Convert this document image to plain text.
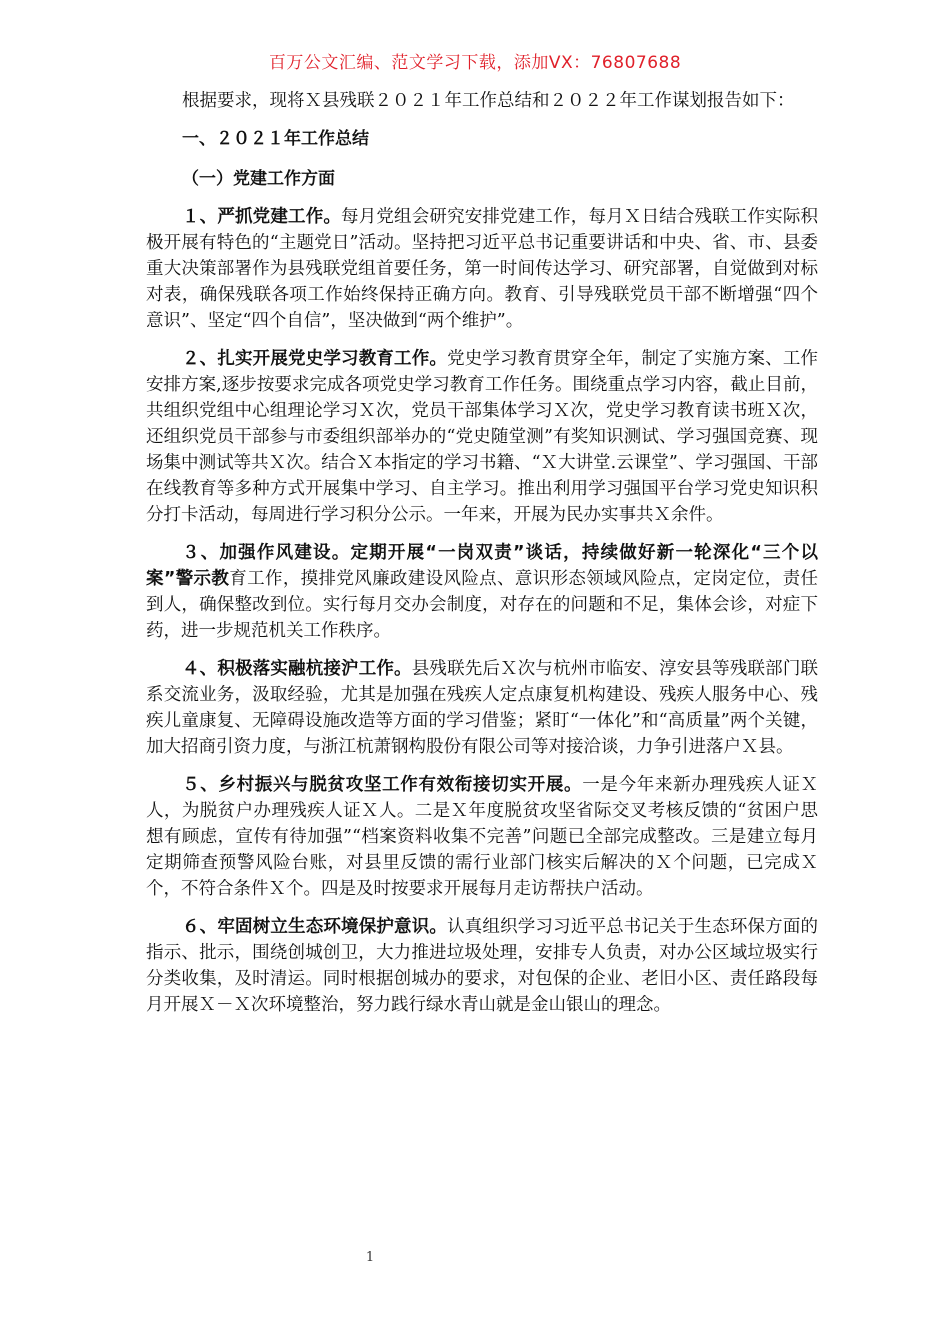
百万公文汇编、范文学习下载，添加VX：76807688

根据要求，现将Ｘ县残联２０２１年工作总结和２０２２年工作谋划报告如下：

一、２０２１年工作总结
（一）党建工作方面

１、严抓党建工作。每月党组会研究安排党建工作，每月Ｘ日结合残联工作实际积极开展有特色的“主题党日”活动。坚持把习近平总书记重要讲话和中央、省、市、县委重大决策部署作为县残联党组首要任务，第一时间传达学习、研究部署，自觉做到对标对表，确保残联各项工作始终保持正确方向。教育、引导残联党员干部不断增强“四个意识”、坚定“四个自信”，坚决做到“两个维护”。

２、扎实开展党史学习教育工作。党史学习教育贯穿全年，制定了实施方案、工作安排方案,逐步按要求完成各项党史学习教育工作任务。围绕重点学习内容，截止目前，共组织党组中心组理论学习Ｘ次，党员干部集体学习Ｘ次，党史学习教育读书班Ｘ次，还组织党员干部参与市委组织部举办的“党史随堂测”有奖知识测试、学习强国竞赛、现场集中测试等共Ｘ次。结合Ｘ本指定的学习书籍、“Ｘ大讲堂.云课堂”、学习强国、干部在线教育等多种方式开展集中学习、自主学习。推出利用学习强国平台学习党史知识积分打卡活动，每周进行学习积分公示。一年来，开展为民办实事共Ｘ余件。

３、加强作风建设。定期开展“一岗双责”谈话，持续做好新一轮深化“三个以案”警示教育工作，摸排党风廉政建设风险点、意识形态领域风险点，定岗定位，责任到人，确保整改到位。实行每月交办会制度，对存在的问题和不足，集体会诊，对症下药，进一步规范机关工作秩序。

４、积极落实融杭接沪工作。县残联先后Ｘ次与杭州市临安、淳安县等残联部门联系交流业务，汲取经验，尤其是加强在残疾人定点康复机构建设、残疾人服务中心、残疾儿童康复、无障碍设施改造等方面的学习借鉴；紧盯“一体化”和“高质量”两个关键，加大招商引资力度，与浙江杭萧钢构股份有限公司等对接洽谈，力争引进落户Ｘ县。

５、乡村振兴与脱贫攻坚工作有效衔接切实开展。一是今年来新办理残疾人证Ｘ人，为脱贫户办理残疾人证Ｘ人。二是Ｘ年度脱贫攻坚省际交叉考核反馈的“贫困户思想有顾虑，宣传有待加强”“档案资料收集不完善”问题已全部完成整改。三是建立每月定期筛查预警风险台账，对县里反馈的需行业部门核实后解决的Ｘ个问题，已完成Ｘ个，不符合条件Ｘ个。四是及时按要求开展每月走访帮扶户活动。

６、牢固树立生态环境保护意识。认真组织学习习近平总书记关于生态环保方面的指示、批示，围绕创城创卫，大力推进垃圾处理，安排专人负责，对办公区域垃圾实行分类收集，及时清运。同时根据创城办的要求，对包保的企业、老旧小区、责任路段每月开展Ｘ－Ｘ次环境整治，努力践行绿水青山就是金山银山的理念。

1
